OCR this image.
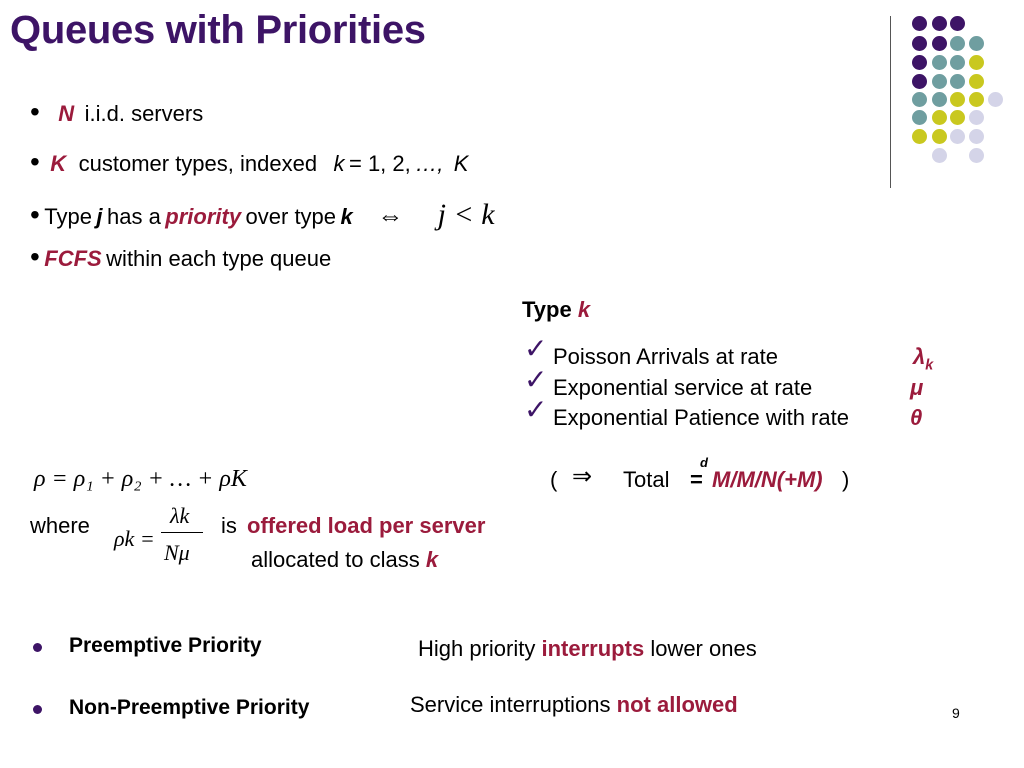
Queues with Priorities
• N i.i.d. servers
• K customer types, indexed k = 1, 2, …, K
• Type j has a priority over type k ⇔ j < k
• FCFS within each type queue
Type k
✓ Poisson Arrivals at rate	$\lambda_k$
✓ Exponential service at rate	μ
✓ Exponential Patience with rate	θ
( ⇒ Total =
d
M/M/N(+M) )
ρ = ρ₁ + ρ₂ + … + ρK
where
ρk =
λk
Nμ
is offered load per server
allocated to class k
Preemptive Priority	High priority interrupts lower ones
Non-Preemptive Priority	Service interruptions not allowed	9
